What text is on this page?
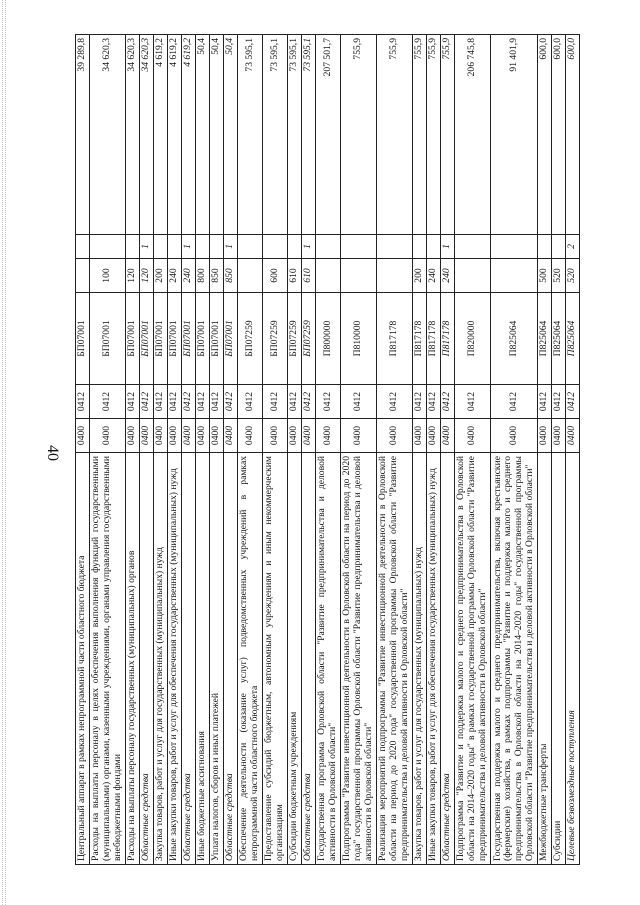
40
Центральный аппарат в рамках непрограммной части областного бюджета	0400	0412	БП07001			39 289,8
Расходы на выплаты персоналу в целях обеспечения выполнения функций государственными (муниципальными) органами, казенными учреждениями, органами управления государственными внебюджетными фондами	0400	0412	БП07001	100		34 620,3
Расходы на выплаты персоналу государственных (муниципальных) органов	0400	0412	БП07001	120		34 620,3
Областные средства	0400	0412	БП07001	120	1	34 620,3
Закупка товаров, работ и услуг для государственных (муниципальных) нужд	0400	0412	БП07001	200		4 619,2
Иные закупки товаров, работ и услуг для обеспечения государственных (муниципальных) нужд	0400	0412	БП07001	240		4 619,2
Областные средства	0400	0412	БП07001	240	1	4 619,2
Иные бюджетные ассигнования	0400	0412	БП07001	800		50,4
Уплата налогов, сборов и иных платежей	0400	0412	БП07001	850		50,4
Областные средства	0400	0412	БП07001	850	1	50,4
Обеспечение деятельности (оказание услуг) подведомственных учреждений в рамках непрограммной части областного бюджета	0400	0412	БП07259			73 595,1
Предоставление субсидий бюджетным, автономным учреждениям и иным некоммерческим организациям	0400	0412	БП07259	600		73 595,1
Субсидии бюджетным учреждениям	0400	0412	БП07259	610		73 595,1
Областные средства	0400	0412	БП07259	610	1	73 595,1
Государственная программа Орловской области "Развитие предпринимательства и деловой активности в Орловской области"	0400	0412	П800000			207 501,7
Подпрограмма "Развитие инвестиционной деятельности в Орловской области на период до 2020 года" государственной программы Орловской области "Развитие предпринимательства и деловой активности в Орловской области"	0400	0412	П810000			755,9
Реализация мероприятий подпрограммы "Развитие инвестиционной деятельности в Орловской области на период до 2020 года" государственной программы Орловской области "Развитие предпринимательства и деловой активности в Орловской области"	0400	0412	П817178			755,9
Закупка товаров, работ и услуг для государственных (муниципальных) нужд	0400	0412	П817178	200		755,9
Иные закупки товаров, работ и услуг для обеспечения государственных (муниципальных) нужд	0400	0412	П817178	240		755,9
Областные средства	0400	0412	П817178	240	1	755,9
Подпрограмма "Развитие и поддержка малого и среднего предпринимательства в Орловской области на 2014–2020 годы" в рамках государственной программы Орловской области "Развитие предпринимательства и деловой активности в Орловской области"	0400	0412	П820000			206 745,8
Государственная поддержка малого и среднего предпринимательства, включая крестьянские (фермерские) хозяйства, в рамках подпрограммы "Развитие и поддержка малого и среднего предпринимательства в Орловской области на 2014–2020 годы" государственной программы Орловской области "Развитие предпринимательства и деловой активности в Орловской области"	0400	0412	П825064			91 401,9
Межбюджетные трансферты	0400	0412	П825064	500		600,0
Субсидии	0400	0412	П825064	520		600,0
Целевые безвозмездные поступления	0400	0412	П825064	520	2	600,0
